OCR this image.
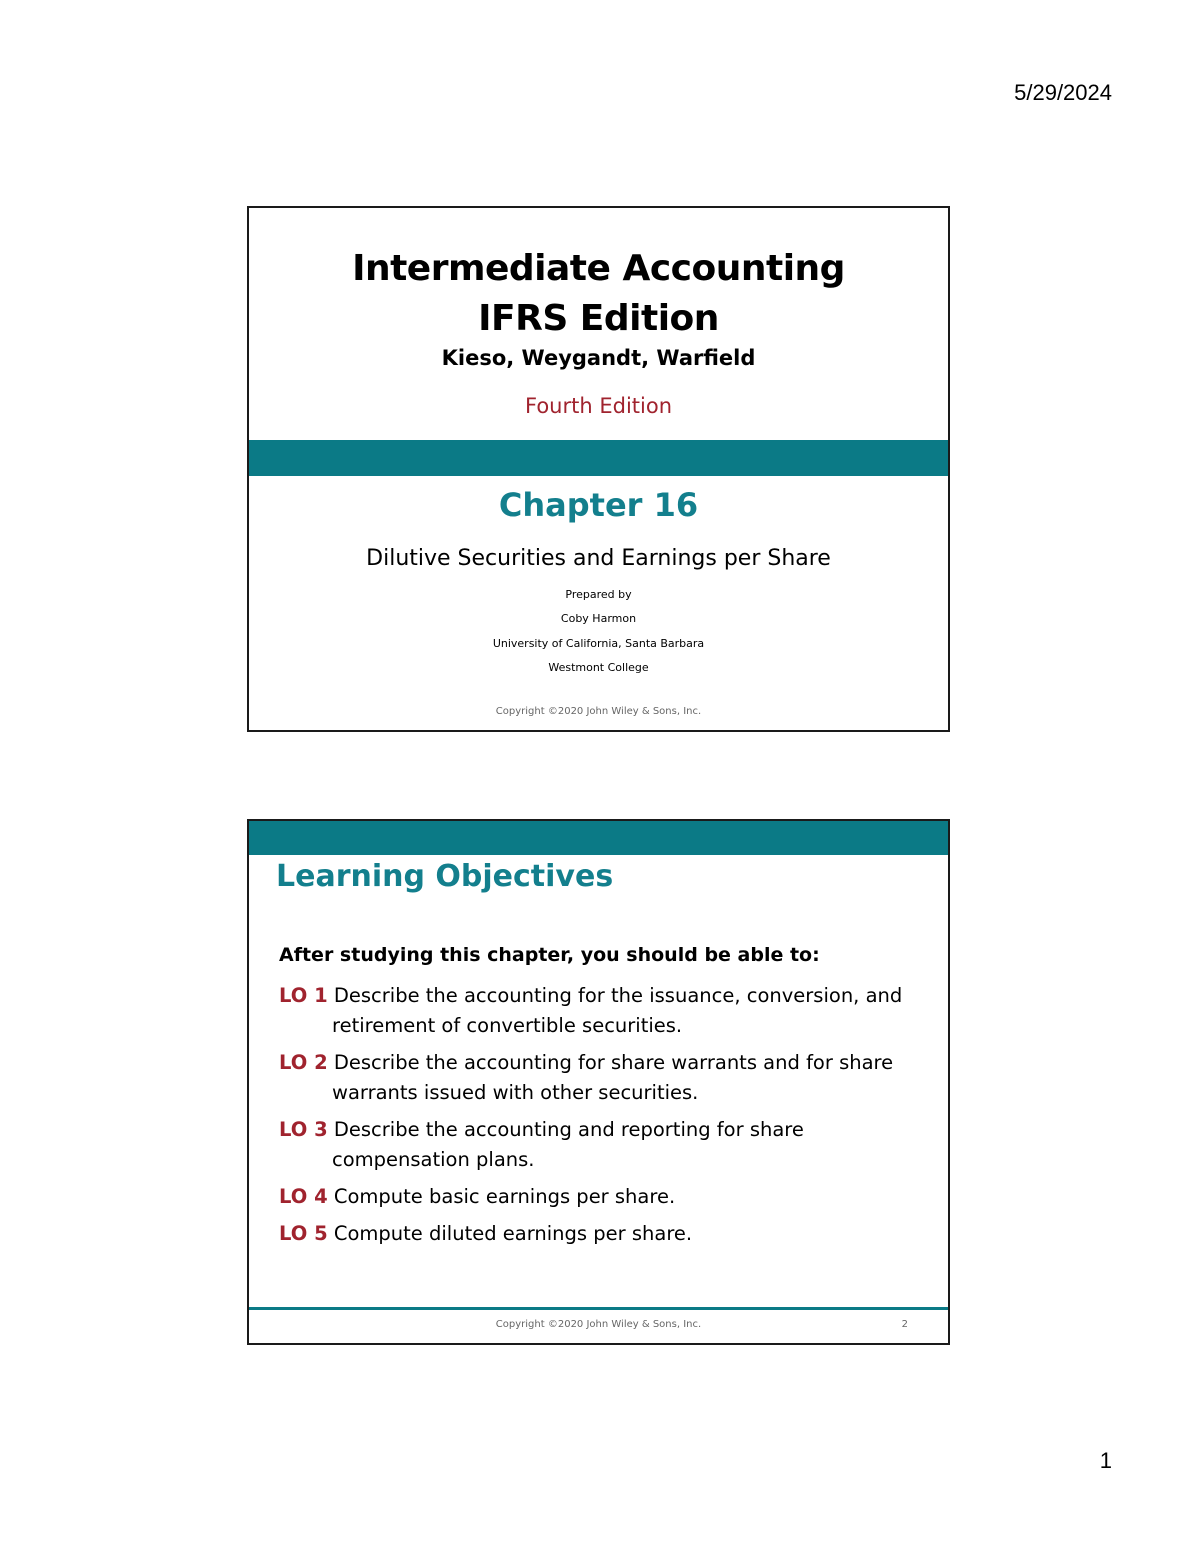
5/29/2024
Intermediate Accounting
IFRS Edition
Kieso, Weygandt, Warfield
Fourth Edition
Chapter 16
Dilutive Securities and Earnings per Share
Prepared by
Coby Harmon
University of California, Santa Barbara
Westmont College
Copyright ©2020 John Wiley & Sons, Inc.
Learning Objectives
After studying this chapter, you should be able to:
LO 1 Describe the accounting for the issuance, conversion, and retirement of convertible securities.
LO 2 Describe the accounting for share warrants and for share warrants issued with other securities.
LO 3 Describe the accounting and reporting for share compensation plans.
LO 4 Compute basic earnings per share.
LO 5 Compute diluted earnings per share.
Copyright ©2020 John Wiley & Sons, Inc.	2
1
